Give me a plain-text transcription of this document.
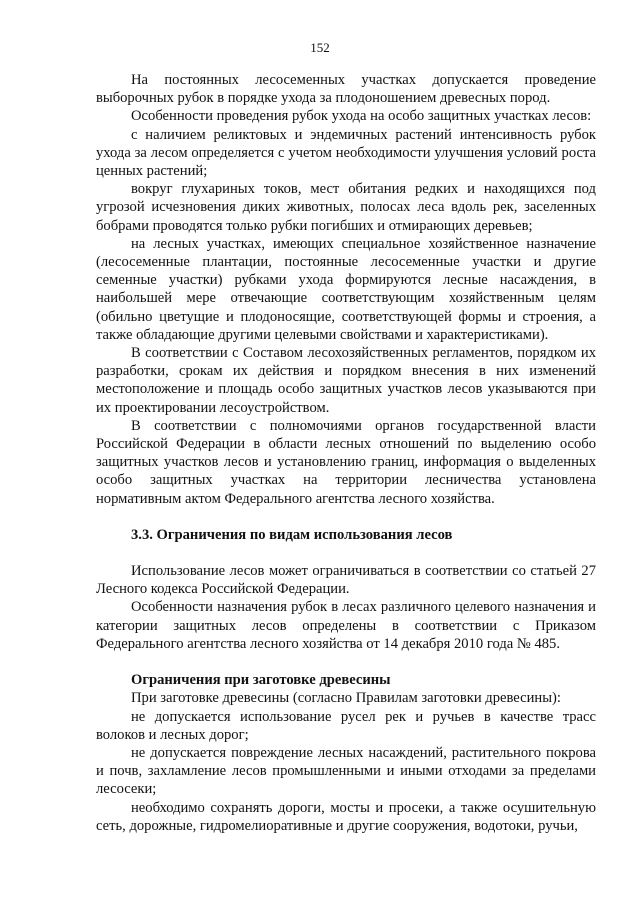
152

На постоянных лесосеменных участках допускается проведение выборочных рубок в порядке ухода за плодоношением древесных пород.

Особенности проведения рубок ухода на особо защитных участках лесов:

с наличием реликтовых и эндемичных растений интенсивность рубок ухода за лесом определяется с учетом необходимости улучшения условий роста ценных растений;

вокруг глухариных токов, мест обитания редких и находящихся под угрозой исчезновения диких животных, полосах леса вдоль рек, заселенных бобрами проводятся только рубки погибших и отмирающих деревьев;

на лесных участках, имеющих специальное хозяйственное назначение (лесосеменные плантации, постоянные лесосеменные участки и другие семенные участки) рубками ухода формируются лесные насаждения, в наибольшей мере отвечающие соответствующим хозяйственным целям (обильно цветущие и плодоносящие, соответствующей формы и строения, а также обладающие другими целевыми свойствами и характеристиками).

В соответствии с Составом лесохозяйственных регламентов, порядком их разработки, срокам их действия и порядком внесения в них изменений местоположение и площадь особо защитных участков лесов указываются при их проектировании лесоустройством.

В соответствии с полномочиями органов государственной власти Российской Федерации в области лесных отношений по выделению особо защитных участков лесов и установлению границ, информация о выделенных особо защитных участках на территории лесничества установлена нормативным актом Федерального агентства лесного хозяйства.

3.3. Ограничения по видам использования лесов

Использование лесов может ограничиваться в соответствии со статьей 27 Лесного кодекса Российской Федерации.

Особенности назначения рубок в лесах различного целевого назначения и категории защитных лесов определены в соответствии с Приказом Федерального агентства лесного хозяйства от 14 декабря 2010 года № 485.

Ограничения при заготовке древесины

При заготовке древесины (согласно Правилам заготовки древесины):

не допускается использование русел рек и ручьев в качестве трасс волоков и лесных дорог;

не допускается повреждение лесных насаждений, растительного покрова и почв, захламление лесов промышленными и иными отходами за пределами лесосеки;

необходимо сохранять дороги, мосты и просеки, а также осушительную сеть, дорожные, гидромелиоративные и другие сооружения, водотоки, ручьи,
